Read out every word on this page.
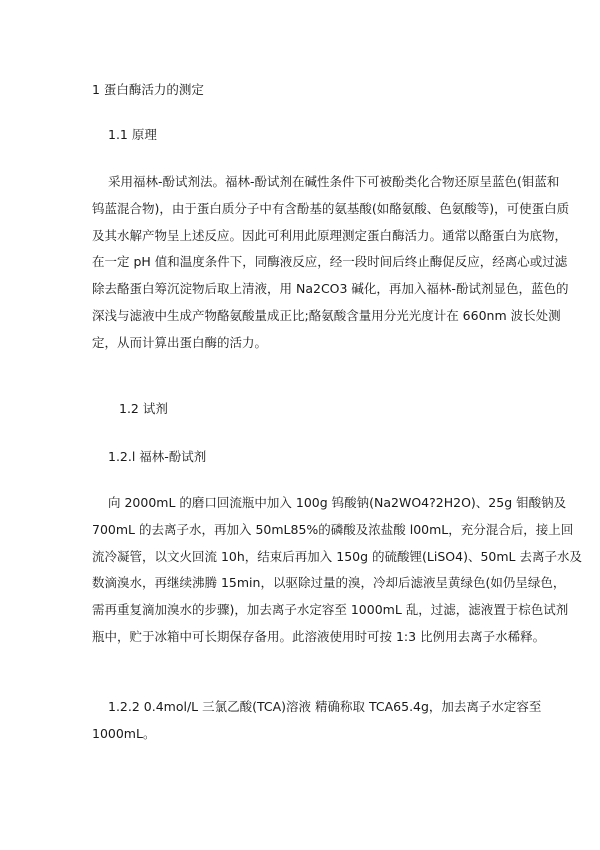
1 蛋白酶活力的测定
1.1 原理
采用福林-酚试剂法。福林-酚试剂在碱性条件下可被酚类化合物还原呈蓝色(钼蓝和
钨蓝混合物)，由于蛋白质分子中有含酚基的氨基酸(如酪氨酸、色氨酸等)，可使蛋白质
及其水解产物呈上述反应。因此可利用此原理测定蛋白酶活力。通常以酪蛋白为底物，
在一定 pH 值和温度条件下，同酶液反应，经一段时间后终止酶促反应，经离心或过滤
除去酪蛋白筹沉淀物后取上清液，用 Na2CO3 碱化，再加入福林-酚试剂显色，蓝色的
深浅与滤液中生成产物酪氨酸量成正比;酪氨酸含量用分光光度计在 660nm 波长处测
定，从而计算出蛋白酶的活力。
1.2 试剂
1.2.l 福林-酚试剂
向 2000mL 的磨口回流瓶中加入 100g 钨酸钠(Na2WO4?2H2O)、25g 钼酸钠及
700mL 的去离子水，再加入 50mL85%的磷酸及浓盐酸 l00mL，充分混合后，接上回
流冷凝管，以文火回流 10h，结束后再加入 150g 的硫酸锂(LiSO4)、50mL 去离子水及
数滴溴水，再继续沸腾 15min，以驱除过量的溴，冷却后滤液呈黄绿色(如仍呈绿色，
需再重复滴加溴水的步骤)，加去离子水定容至 1000mL 乱，过滤，滤液置于棕色试剂
瓶中，贮于冰箱中可长期保存备用。此溶液使用时可按 1:3 比例用去离子水稀释。
1.2.2 0.4mol/L 三氯乙酸(TCA)溶液 精确称取 TCA65.4g，加去离子水定容至
1000mL。
